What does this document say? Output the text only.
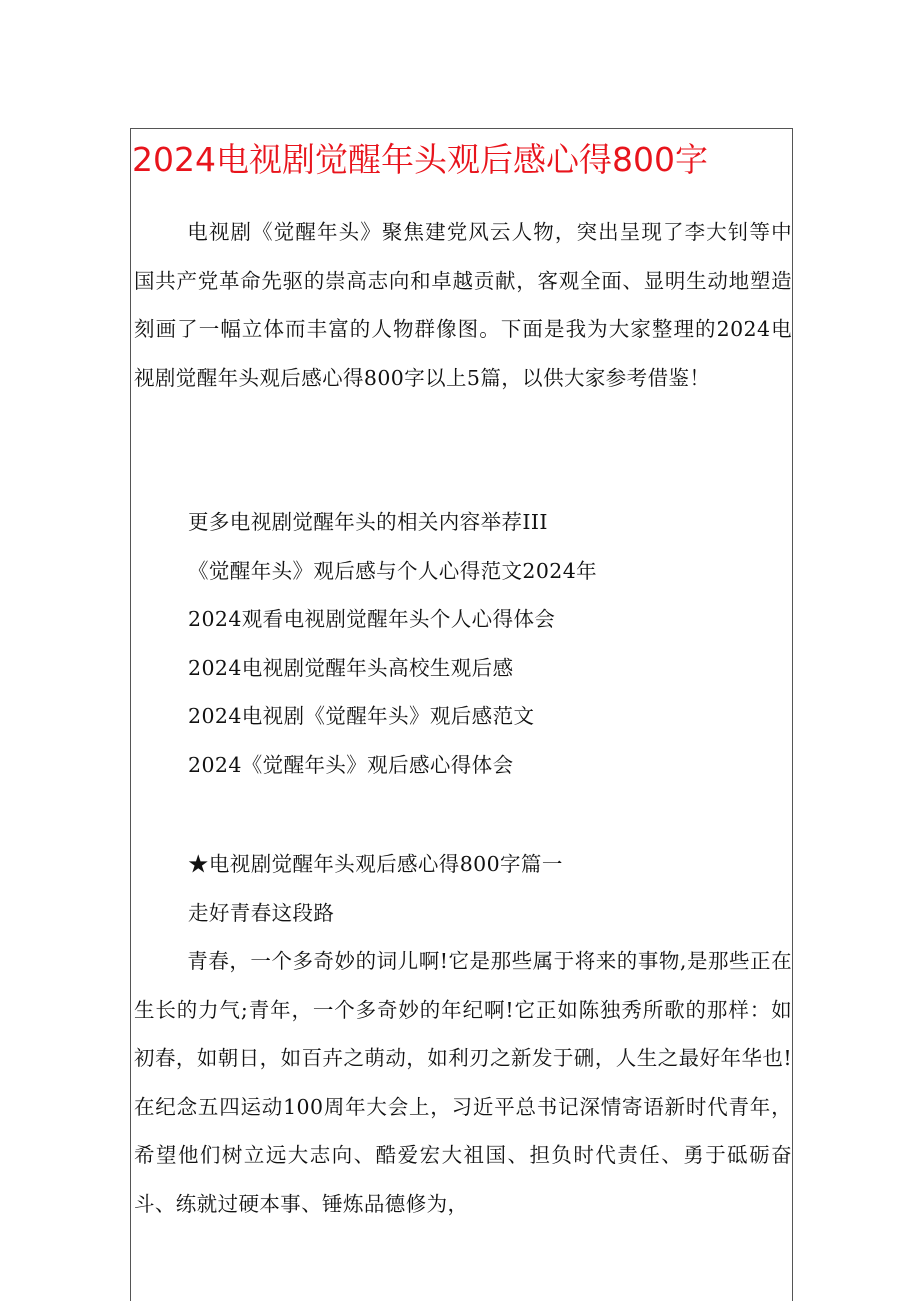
2024电视剧觉醒年头观后感心得800字

电视剧《觉醒年头》聚焦建党风云人物，突出呈现了李大钊等中国共产党革命先驱的崇高志向和卓越贡献，客观全面、显明生动地塑造刻画了一幅立体而丰富的人物群像图。下面是我为大家整理的2024电视剧觉醒年头观后感心得800字以上5篇，以供大家参考借鉴！

更多电视剧觉醒年头的相关内容举荐III
《觉醒年头》观后感与个人心得范文2024年
2024观看电视剧觉醒年头个人心得体会
2024电视剧觉醒年头高校生观后感
2024电视剧《觉醒年头》观后感范文
2024《觉醒年头》观后感心得体会

★电视剧觉醒年头观后感心得800字篇一

走好青春这段路

青春，一个多奇妙的词儿啊!它是那些属于将来的事物,是那些正在生长的力气;青年，一个多奇妙的年纪啊!它正如陈独秀所歌的那样：如初春，如朝日，如百卉之萌动，如利刃之新发于硎，人生之最好年华也!在纪念五四运动100周年大会上，习近平总书记深情寄语新时代青年，希望他们树立远大志向、酷爱宏大祖国、担负时代责任、勇于砥砺奋斗、练就过硬本事、锤炼品德修为，
